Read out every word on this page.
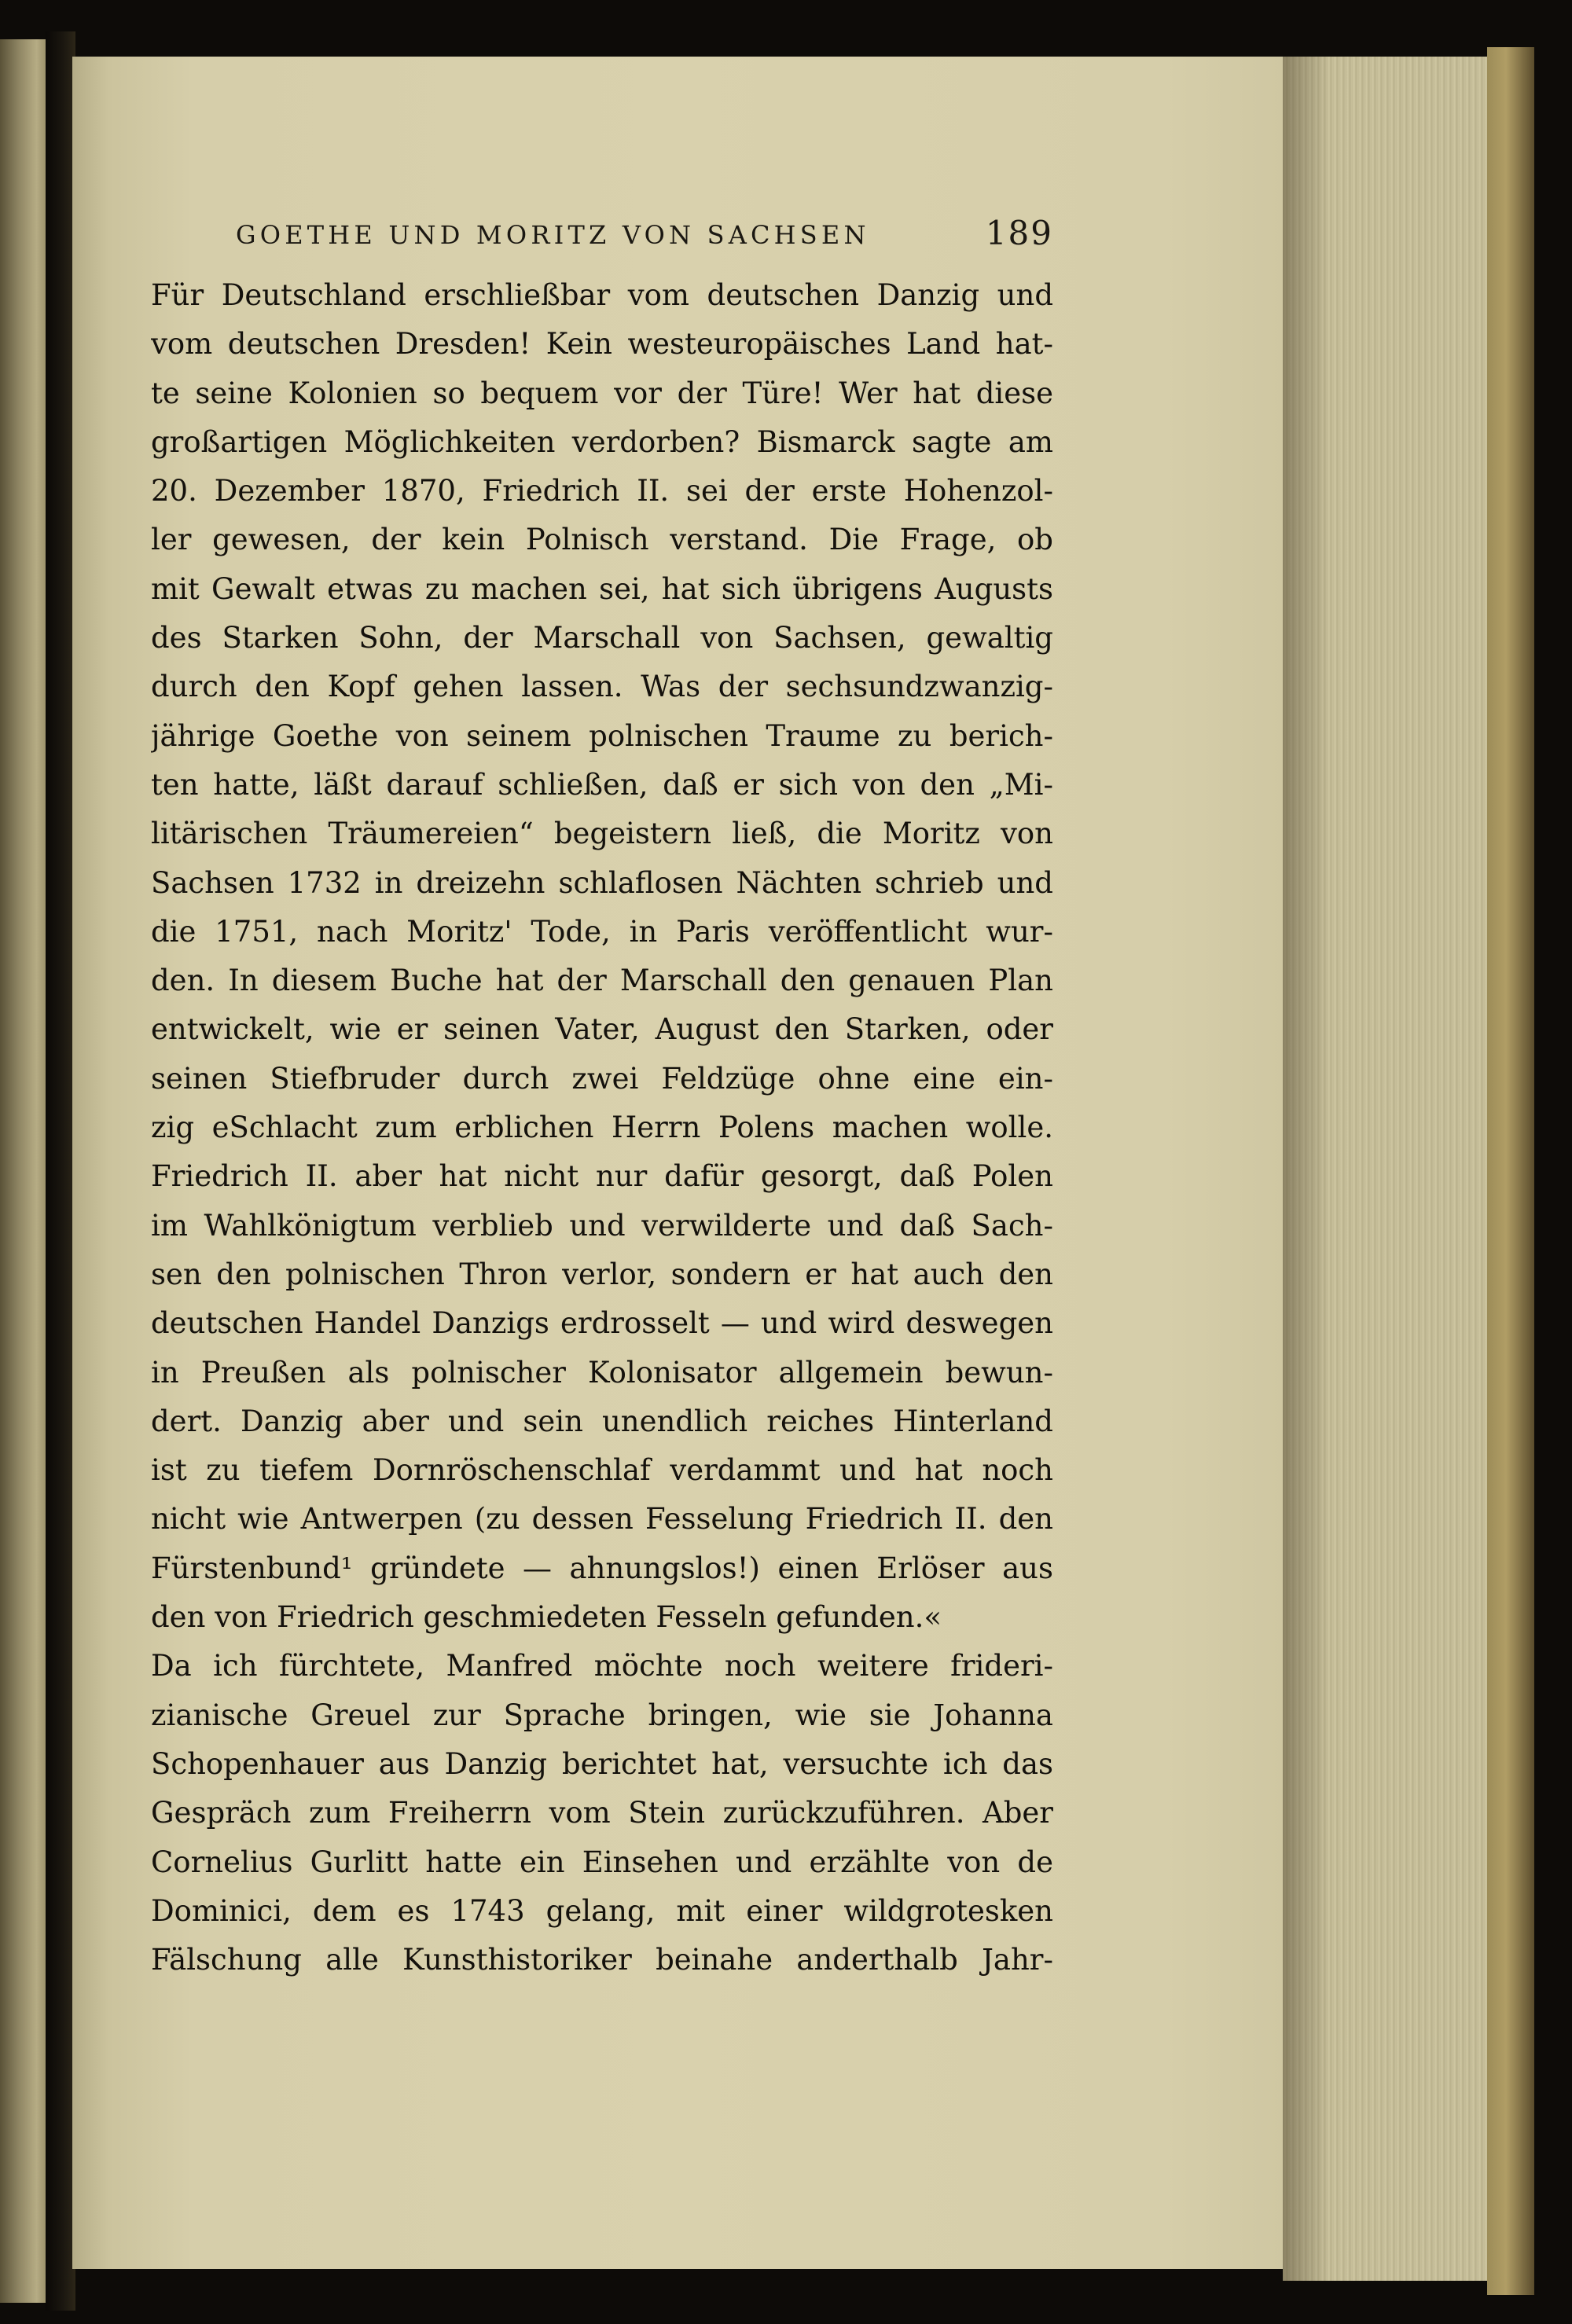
GOETHE UND MORITZ VON SACHSEN	189
Für Deutschland erschließbar vom deutschen Danzig und
vom deutschen Dresden! Kein westeuropäisches Land hat-
te seine Kolonien so bequem vor der Türe! Wer hat diese
großartigen Möglichkeiten verdorben? Bismarck sagte am
20. Dezember 1870, Friedrich II. sei der erste Hohenzol-
ler gewesen, der kein Polnisch verstand. Die Frage, ob
mit Gewalt etwas zu machen sei, hat sich übrigens Augusts
des Starken Sohn, der Marschall von Sachsen, gewaltig
durch den Kopf gehen lassen. Was der sechsundzwanzig-
jährige Goethe von seinem polnischen Traume zu berich-
ten hatte, läßt darauf schließen, daß er sich von den „Mi-
litärischen Träumereien“ begeistern ließ, die Moritz von
Sachsen 1732 in dreizehn schlaflosen Nächten schrieb und
die 1751, nach Moritz' Tode, in Paris veröffentlicht wur-
den. In diesem Buche hat der Marschall den genauen Plan
entwickelt, wie er seinen Vater, August den Starken, oder
seinen Stiefbruder durch zwei Feldzüge ohne eine ein-
zig eSchlacht zum erblichen Herrn Polens machen wolle.
Friedrich II. aber hat nicht nur dafür gesorgt, daß Polen
im Wahlkönigtum verblieb und verwilderte und daß Sach-
sen den polnischen Thron verlor, sondern er hat auch den
deutschen Handel Danzigs erdrosselt — und wird deswegen
in Preußen als polnischer Kolonisator allgemein bewun-
dert. Danzig aber und sein unendlich reiches Hinterland
ist zu tiefem Dornröschenschlaf verdammt und hat noch
nicht wie Antwerpen (zu dessen Fesselung Friedrich II. den
Fürstenbund¹ gründete — ahnungslos!) einen Erlöser aus
den von Friedrich geschmiedeten Fesseln gefunden.«
Da ich fürchtete, Manfred möchte noch weitere frideri-
zianische Greuel zur Sprache bringen, wie sie Johanna
Schopenhauer aus Danzig berichtet hat, versuchte ich das
Gespräch zum Freiherrn vom Stein zurückzuführen. Aber
Cornelius Gurlitt hatte ein Einsehen und erzählte von de
Dominici, dem es 1743 gelang, mit einer wildgrotesken
Fälschung alle Kunsthistoriker beinahe anderthalb Jahr-
